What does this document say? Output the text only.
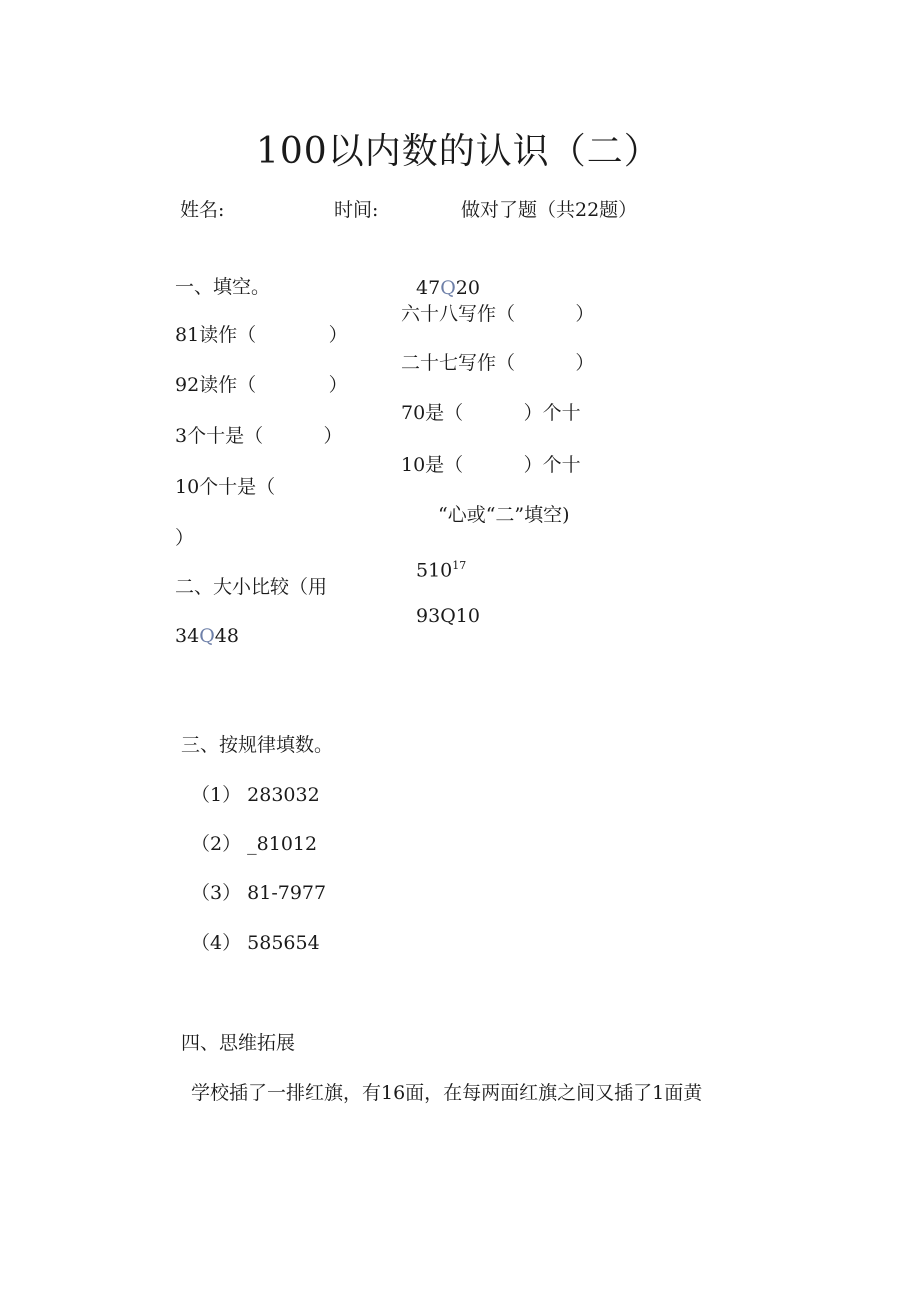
100以内数的认识（二）
姓名:	时间:	做对了题（共22题）
一、填空。
81读作（            ）
92读作（            ）
3个十是（          ）
10个十是（
）
六十八写作（          ）
二十七写作（          ）
70是（          ）个十
10是（          ）个十
二、大小比较（用
“心或“二”填空)
34Q48
47Q20
$510^{17}$
93Q10
三、按规律填数。
（1） 283032
（2） _81012
（3） 81-7977
（4） 585654
四、思维拓展
学校插了一排红旗，有16面，在每两面红旗之间又插了1面黄
